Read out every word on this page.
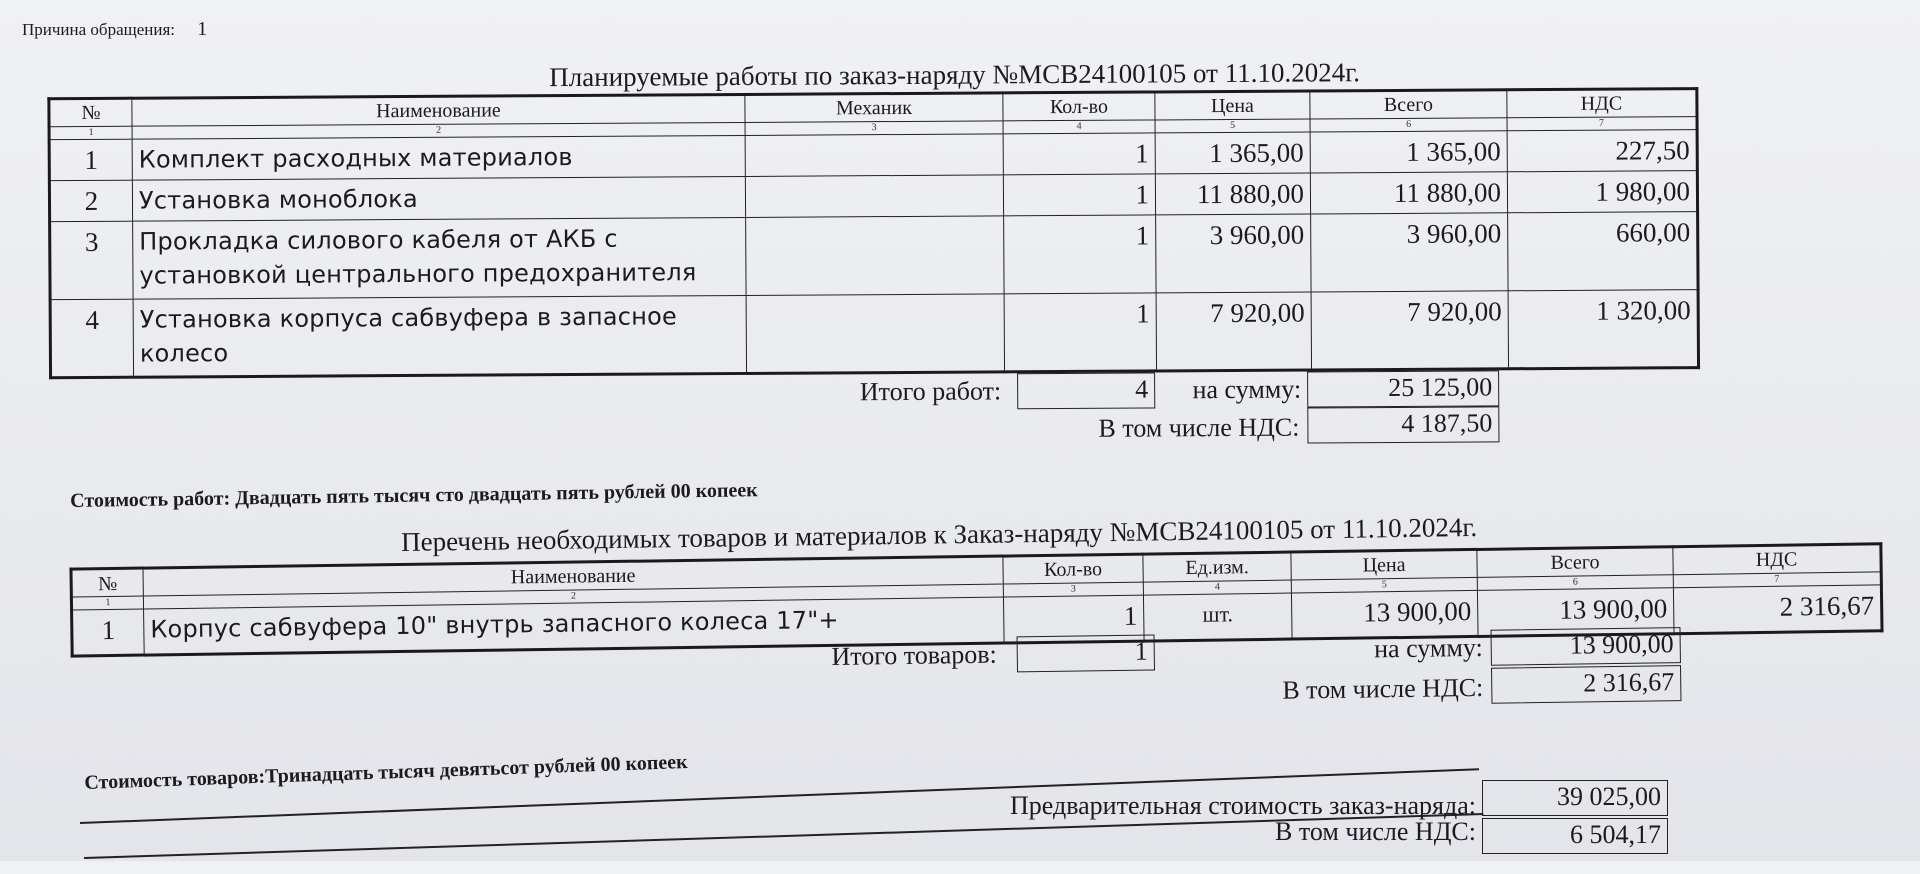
Причина обращения: 1
Планируемые работы по заказ-наряду №МСВ24100105 от 11.10.2024г.
№	Наименование	Механик	Кол-во	Цена	Всего	НДС
1	2	3	4	5	6	7
1	Комплект расходных материалов		1	1 365,00	1 365,00	227,50
2	Установка моноблока		1	11 880,00	11 880,00	1 980,00
3	Прокладка силового кабеля от АКБ с установкой центрального предохранителя		1	3 960,00	3 960,00	660,00
4	Установка корпуса сабвуфера в запасное колесо		1	7 920,00	7 920,00	1 320,00
Итого работ:	4	на сумму:	25 125,00
В том числе НДС:	4 187,50
Стоимость работ: Двадцать пять тысяч сто двадцать пять рублей 00 копеек
Перечень необходимых товаров и материалов к Заказ-наряду №МСВ24100105 от 11.10.2024г.
№	Наименование	Кол-во	Ед.изм.	Цена	Всего	НДС
1	2	3	4	5	6	7
1	Корпус сабвуфера 10" внутрь запасного колеса 17"+	1	шт.	13 900,00	13 900,00	2 316,67
Итого товаров:	1	на сумму:	13 900,00
В том числе НДС:	2 316,67
Стоимость товаров:Тринадцать тысяч девятьсот рублей 00 копеек
Предварительная стоимость заказ-наряда:	39 025,00
В том числе НДС:	6 504,17
